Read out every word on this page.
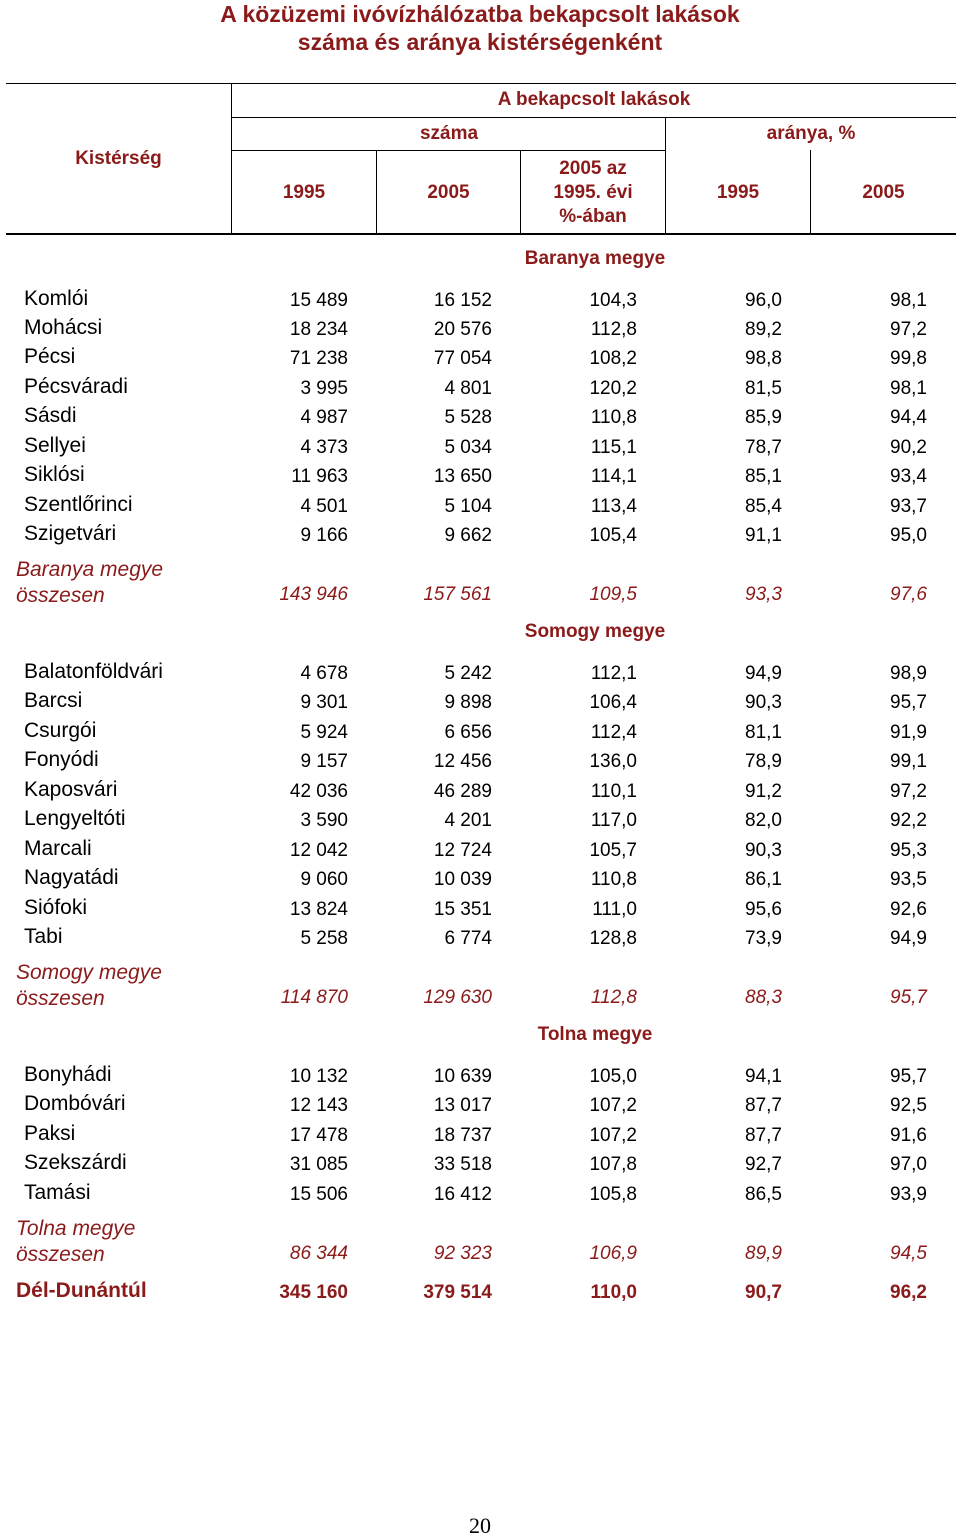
A közüzemi ivóvízhálózatba bekapcsolt lakások
száma és aránya kistérségenként
Kistérség
A bekapcsolt lakások
száma	aránya, %
1995	2005
2005 az
1995. évi
%-ában
1995	2005
Baranya megye
Komlói	15 489	16 152	104,3	96,0	98,1
Mohácsi	18 234	20 576	112,8	89,2	97,2
Pécsi	71 238	77 054	108,2	98,8	99,8
Pécsváradi	3 995	4 801	120,2	81,5	98,1
Sásdi	4 987	5 528	110,8	85,9	94,4
Sellyei	4 373	5 034	115,1	78,7	90,2
Siklósi	11 963	13 650	114,1	85,1	93,4
Szentlőrinci	4 501	5 104	113,4	85,4	93,7
Szigetvári	9 166	9 662	105,4	91,1	95,0
Baranya megye
összesen	143 946	157 561	109,5	93,3	97,6
Somogy megye
Balatonföldvári	4 678	5 242	112,1	94,9	98,9
Barcsi	9 301	9 898	106,4	90,3	95,7
Csurgói	5 924	6 656	112,4	81,1	91,9
Fonyódi	9 157	12 456	136,0	78,9	99,1
Kaposvári	42 036	46 289	110,1	91,2	97,2
Lengyeltóti	3 590	4 201	117,0	82,0	92,2
Marcali	12 042	12 724	105,7	90,3	95,3
Nagyatádi	9 060	10 039	110,8	86,1	93,5
Siófoki	13 824	15 351	111,0	95,6	92,6
Tabi	5 258	6 774	128,8	73,9	94,9
Somogy megye
összesen	114 870	129 630	112,8	88,3	95,7
Tolna megye
Bonyhádi	10 132	10 639	105,0	94,1	95,7
Dombóvári	12 143	13 017	107,2	87,7	92,5
Paksi	17 478	18 737	107,2	87,7	91,6
Szekszárdi	31 085	33 518	107,8	92,7	97,0
Tamási	15 506	16 412	105,8	86,5	93,9
Tolna megye
összesen	86 344	92 323	106,9	89,9	94,5
Dél-Dunántúl	345 160	379 514	110,0	90,7	96,2
20
